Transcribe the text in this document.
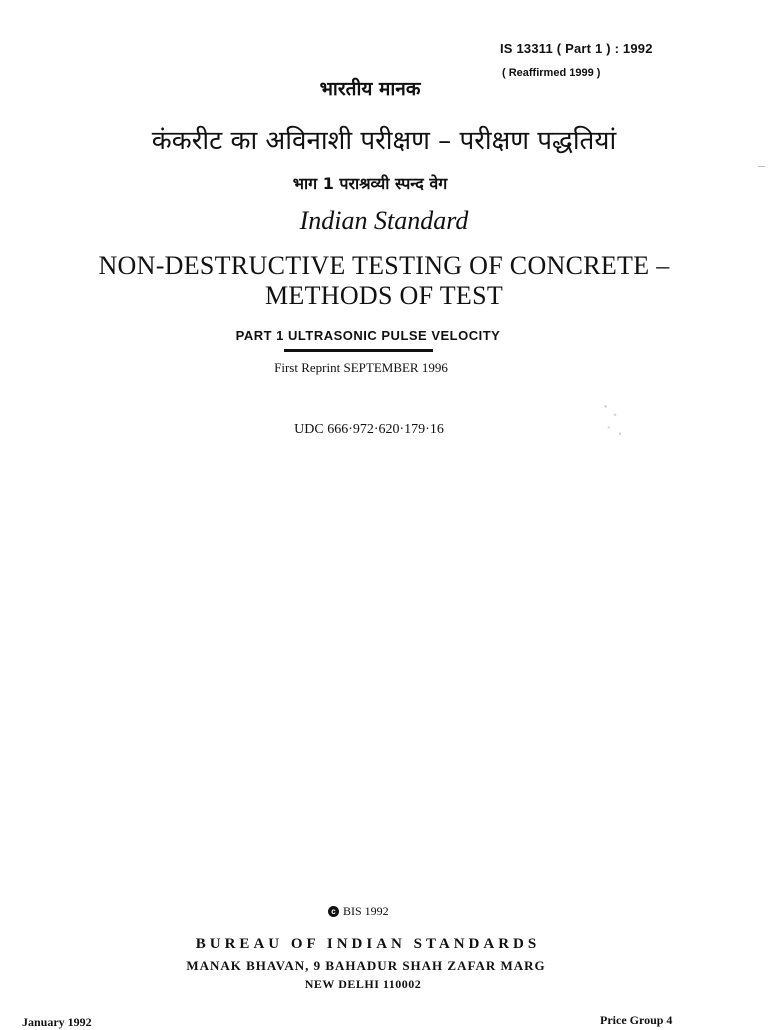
IS 13311 ( Part 1 ) : 1992
( Reaffirmed 1999 )
भारतीय मानक
कंकरीट का अविनाशी परीक्षण – परीक्षण पद्धतियां
भाग 1 पराश्रव्यी स्पन्द वेग
Indian Standard
NON-DESTRUCTIVE TESTING OF CONCRETE –
METHODS OF TEST
PART 1 ULTRASONIC PULSE VELOCITY
First Reprint SEPTEMBER 1996
UDC 666·972·620·179·16
c BIS 1992
BUREAU OF INDIAN STANDARDS
MANAK BHAVAN, 9 BAHADUR SHAH ZAFAR MARG
NEW DELHI 110002
January 1992	Price Group 4
